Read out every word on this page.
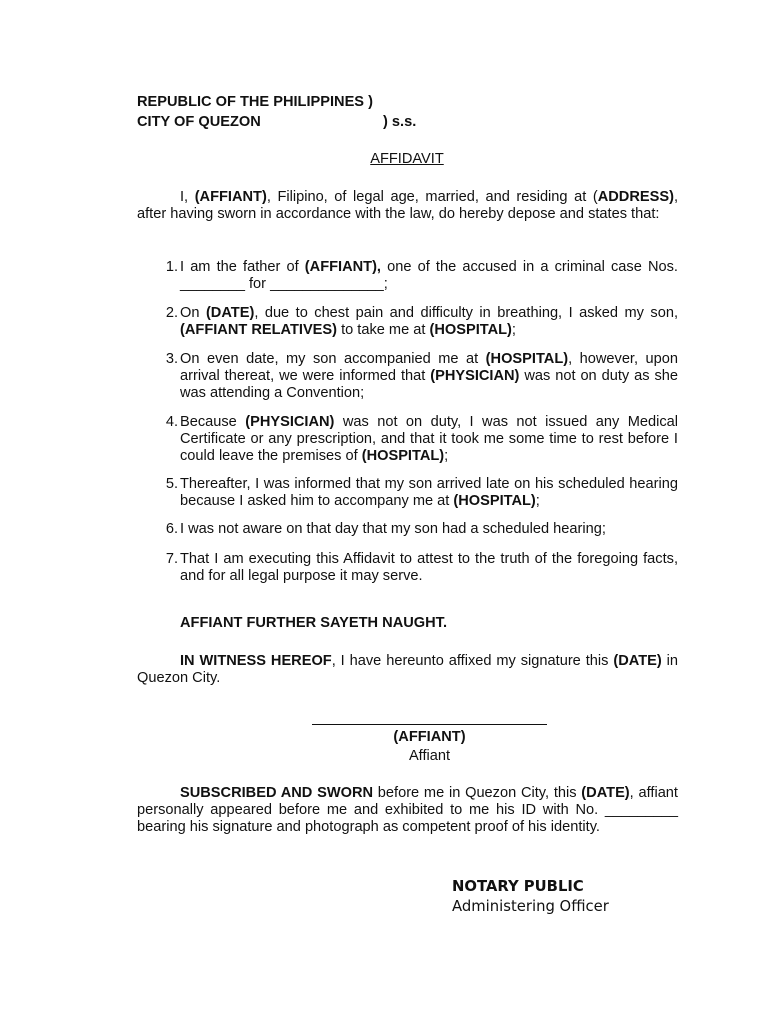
REPUBLIC OF THE PHILIPPINES )
CITY OF QUEZON	) s.s.
AFFIDAVIT
I, (AFFIANT), Filipino, of legal age, married, and residing at (ADDRESS), after having sworn in accordance with the law, do hereby depose and states that:
1. I am the father of (AFFIANT), one of the accused in a criminal case Nos. ________ for ______________;
2. On (DATE), due to chest pain and difficulty in breathing, I asked my son, (AFFIANT RELATIVES) to take me at (HOSPITAL);
3. On even date, my son accompanied me at (HOSPITAL), however, upon arrival thereat, we were informed that (PHYSICIAN) was not on duty as she was attending a Convention;
4. Because (PHYSICIAN) was not on duty, I was not issued any Medical Certificate or any prescription, and that it took me some time to rest before I could leave the premises of (HOSPITAL);
5. Thereafter, I was informed that my son arrived late on his scheduled hearing because I asked him to accompany me at (HOSPITAL);
6. I was not aware on that day that my son had a scheduled hearing;
7. That I am executing this Affidavit to attest to the truth of the foregoing facts, and for all legal purpose it may serve.
AFFIANT FURTHER SAYETH NAUGHT.
IN WITNESS HEREOF, I have hereunto affixed my signature this (DATE) in Quezon City.
(AFFIANT)
Affiant
SUBSCRIBED AND SWORN before me in Quezon City, this (DATE), affiant personally appeared before me and exhibited to me his ID with No. _________ bearing his signature and photograph as competent proof of his identity.
NOTARY PUBLIC
Administering Officer
